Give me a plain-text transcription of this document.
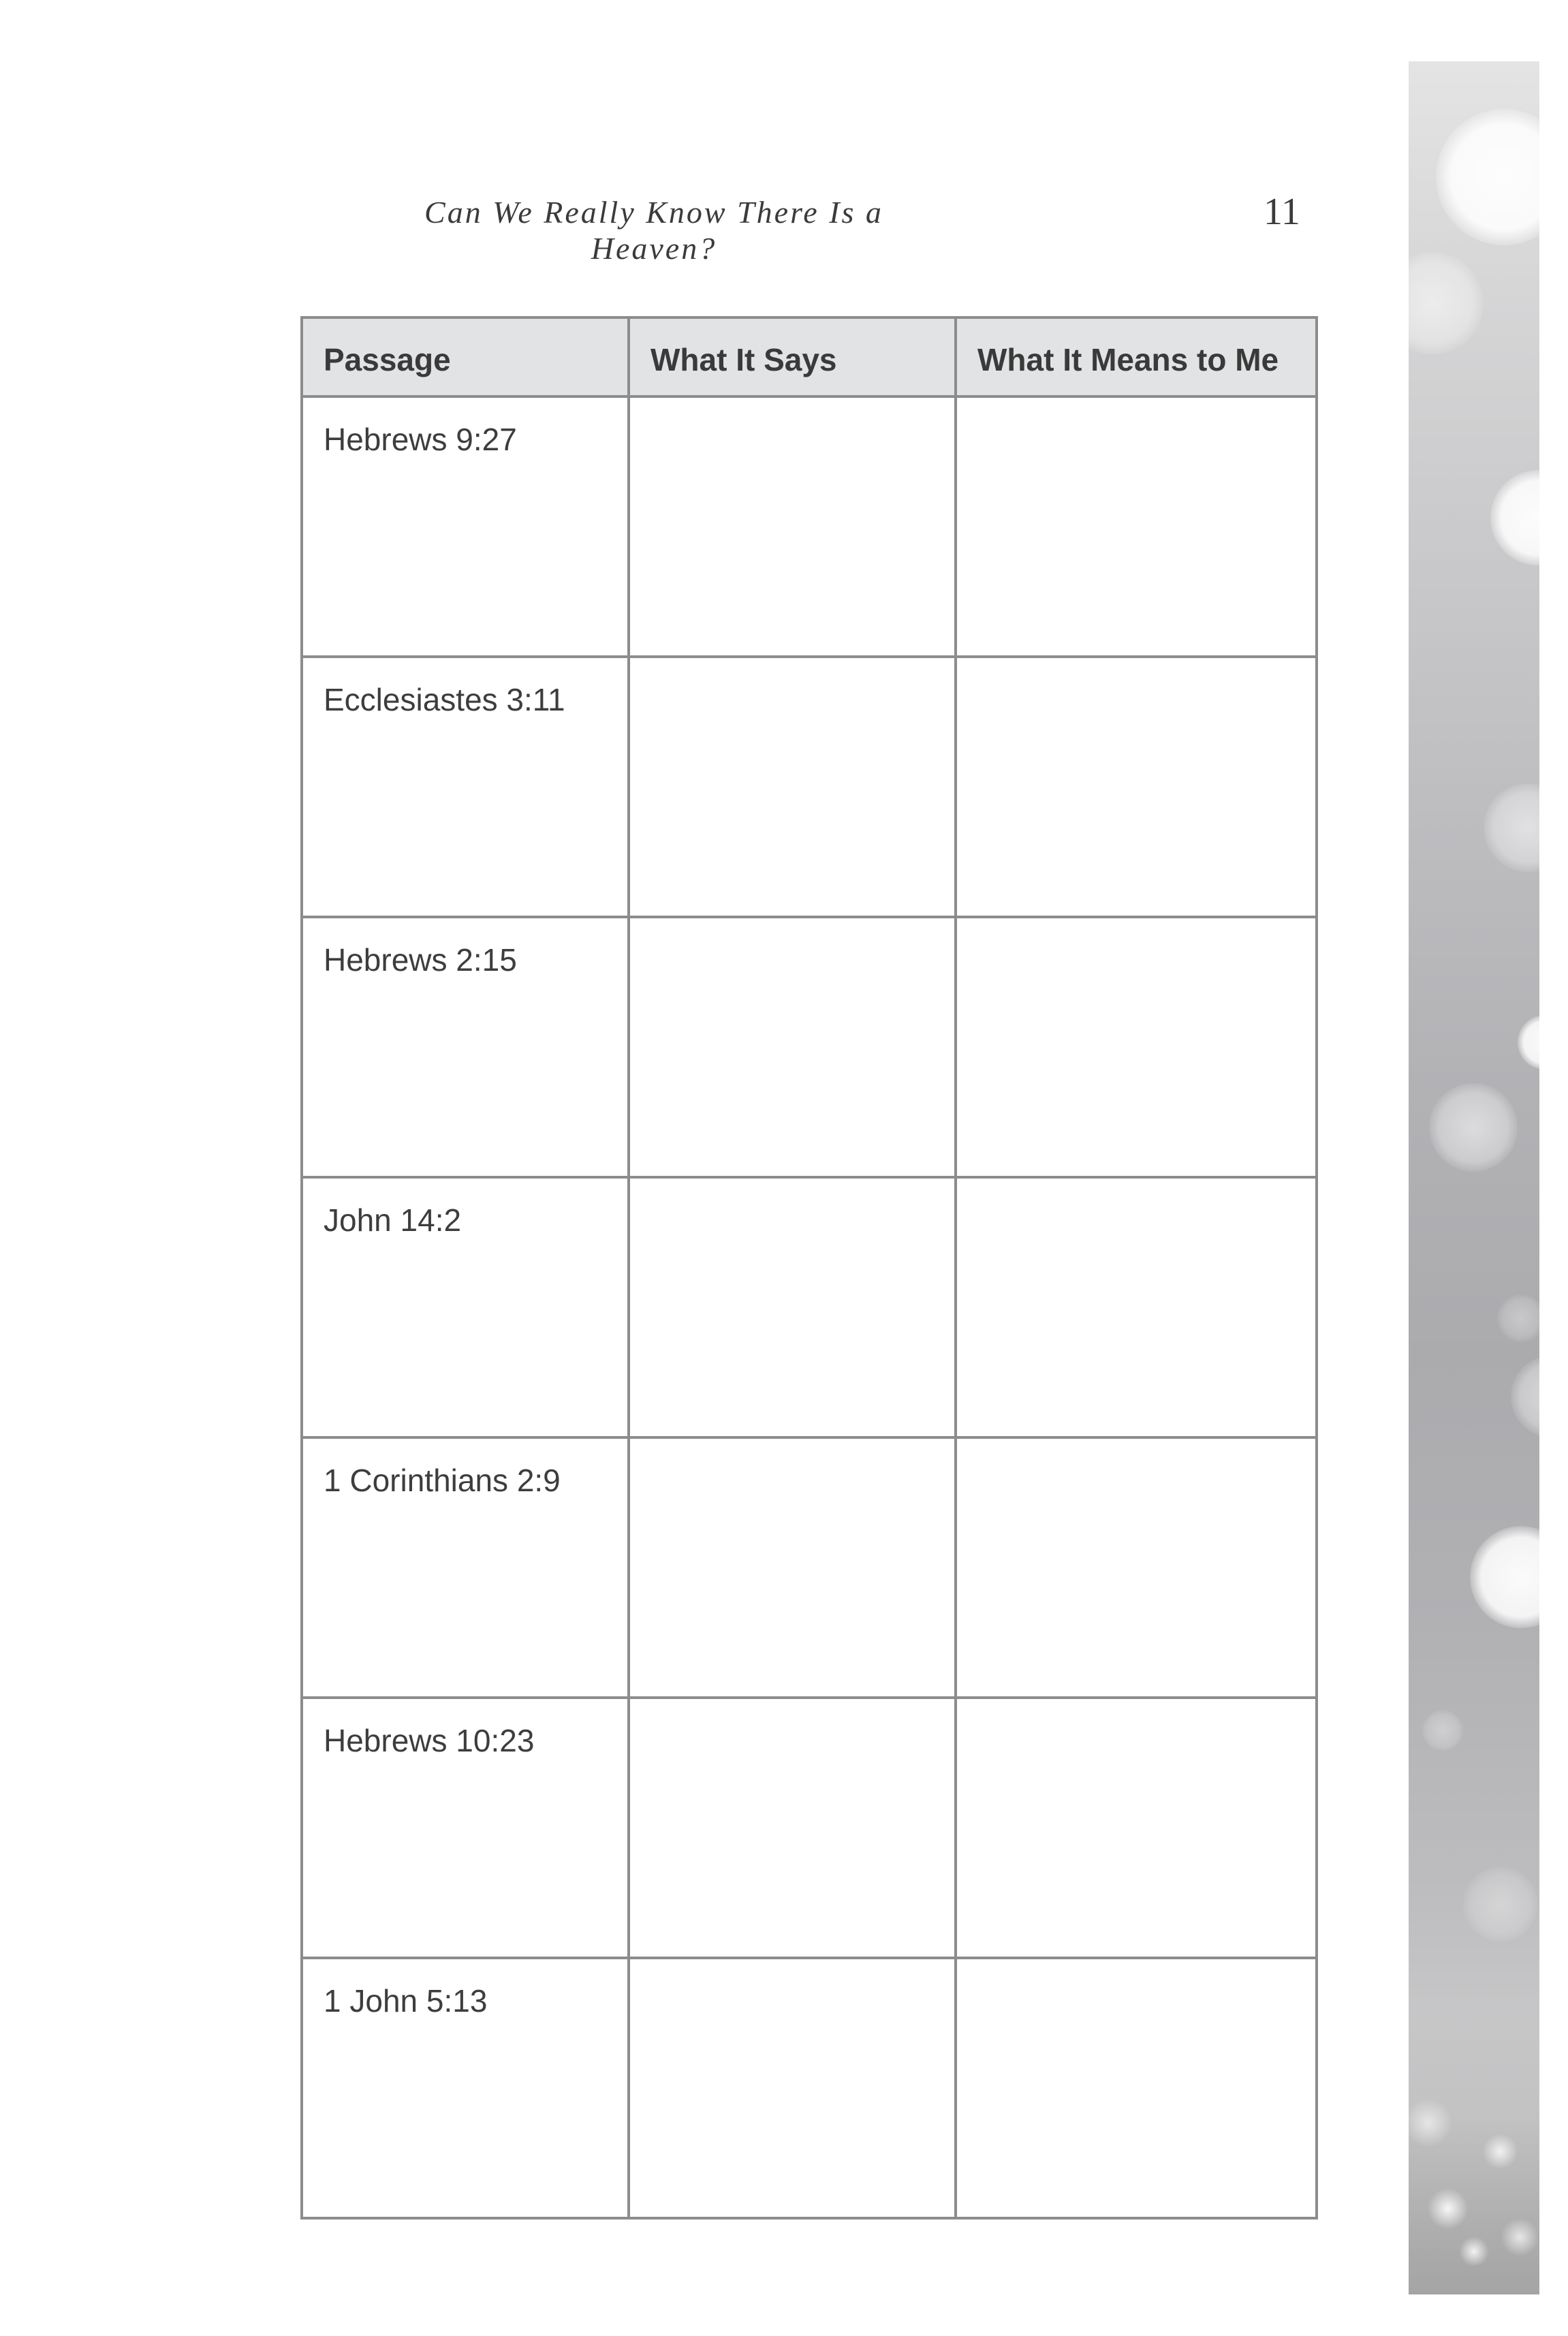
Can We Really Know There Is a Heaven?
11
Passage	What It Says	What It Means to Me
Hebrews 9:27		
Ecclesiastes 3:11		
Hebrews 2:15		
John 14:2		
1 Corinthians 2:9		
Hebrews 10:23		
1 John 5:13		
